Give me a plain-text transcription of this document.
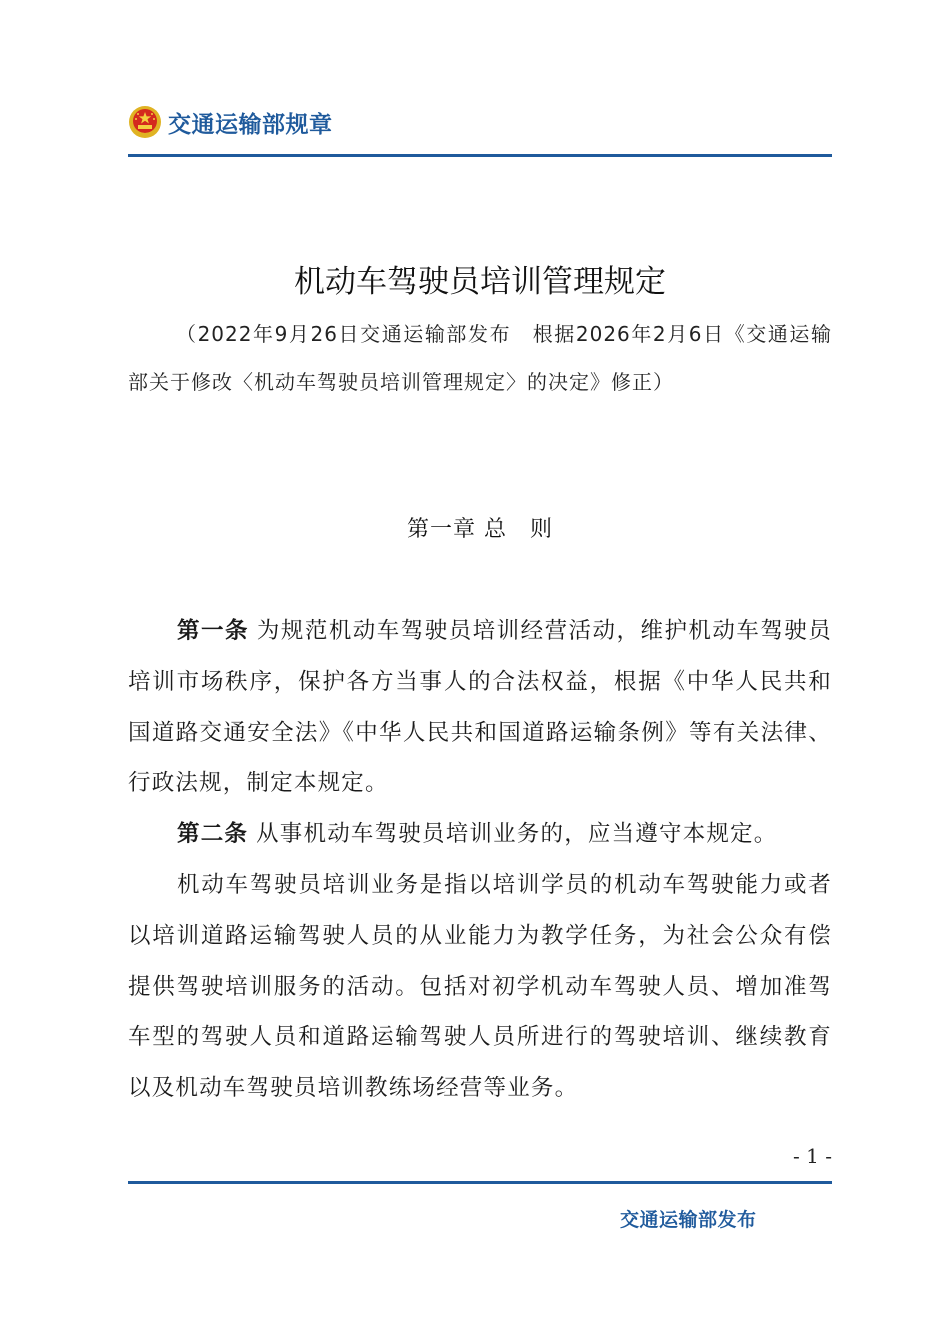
交通运输部规章
机动车驾驶员培训管理规定
（2022年9月26日交通运输部发布　根据2026年2月6日《交通运输部关于修改〈机动车驾驶员培训管理规定〉的决定》修正）
第一章 总　则

第一条 为规范机动车驾驶员培训经营活动，维护机动车驾驶员培训市场秩序，保护各方当事人的合法权益，根据《中华人民共和国道路交通安全法》《中华人民共和国道路运输条例》等有关法律、行政法规，制定本规定。

第二条 从事机动车驾驶员培训业务的，应当遵守本规定。

机动车驾驶员培训业务是指以培训学员的机动车驾驶能力或者以培训道路运输驾驶人员的从业能力为教学任务，为社会公众有偿提供驾驶培训服务的活动。包括对初学机动车驾驶人员、增加准驾车型的驾驶人员和道路运输驾驶人员所进行的驾驶培训、继续教育以及机动车驾驶员培训教练场经营等业务。

- 1 -
交通运输部发布
